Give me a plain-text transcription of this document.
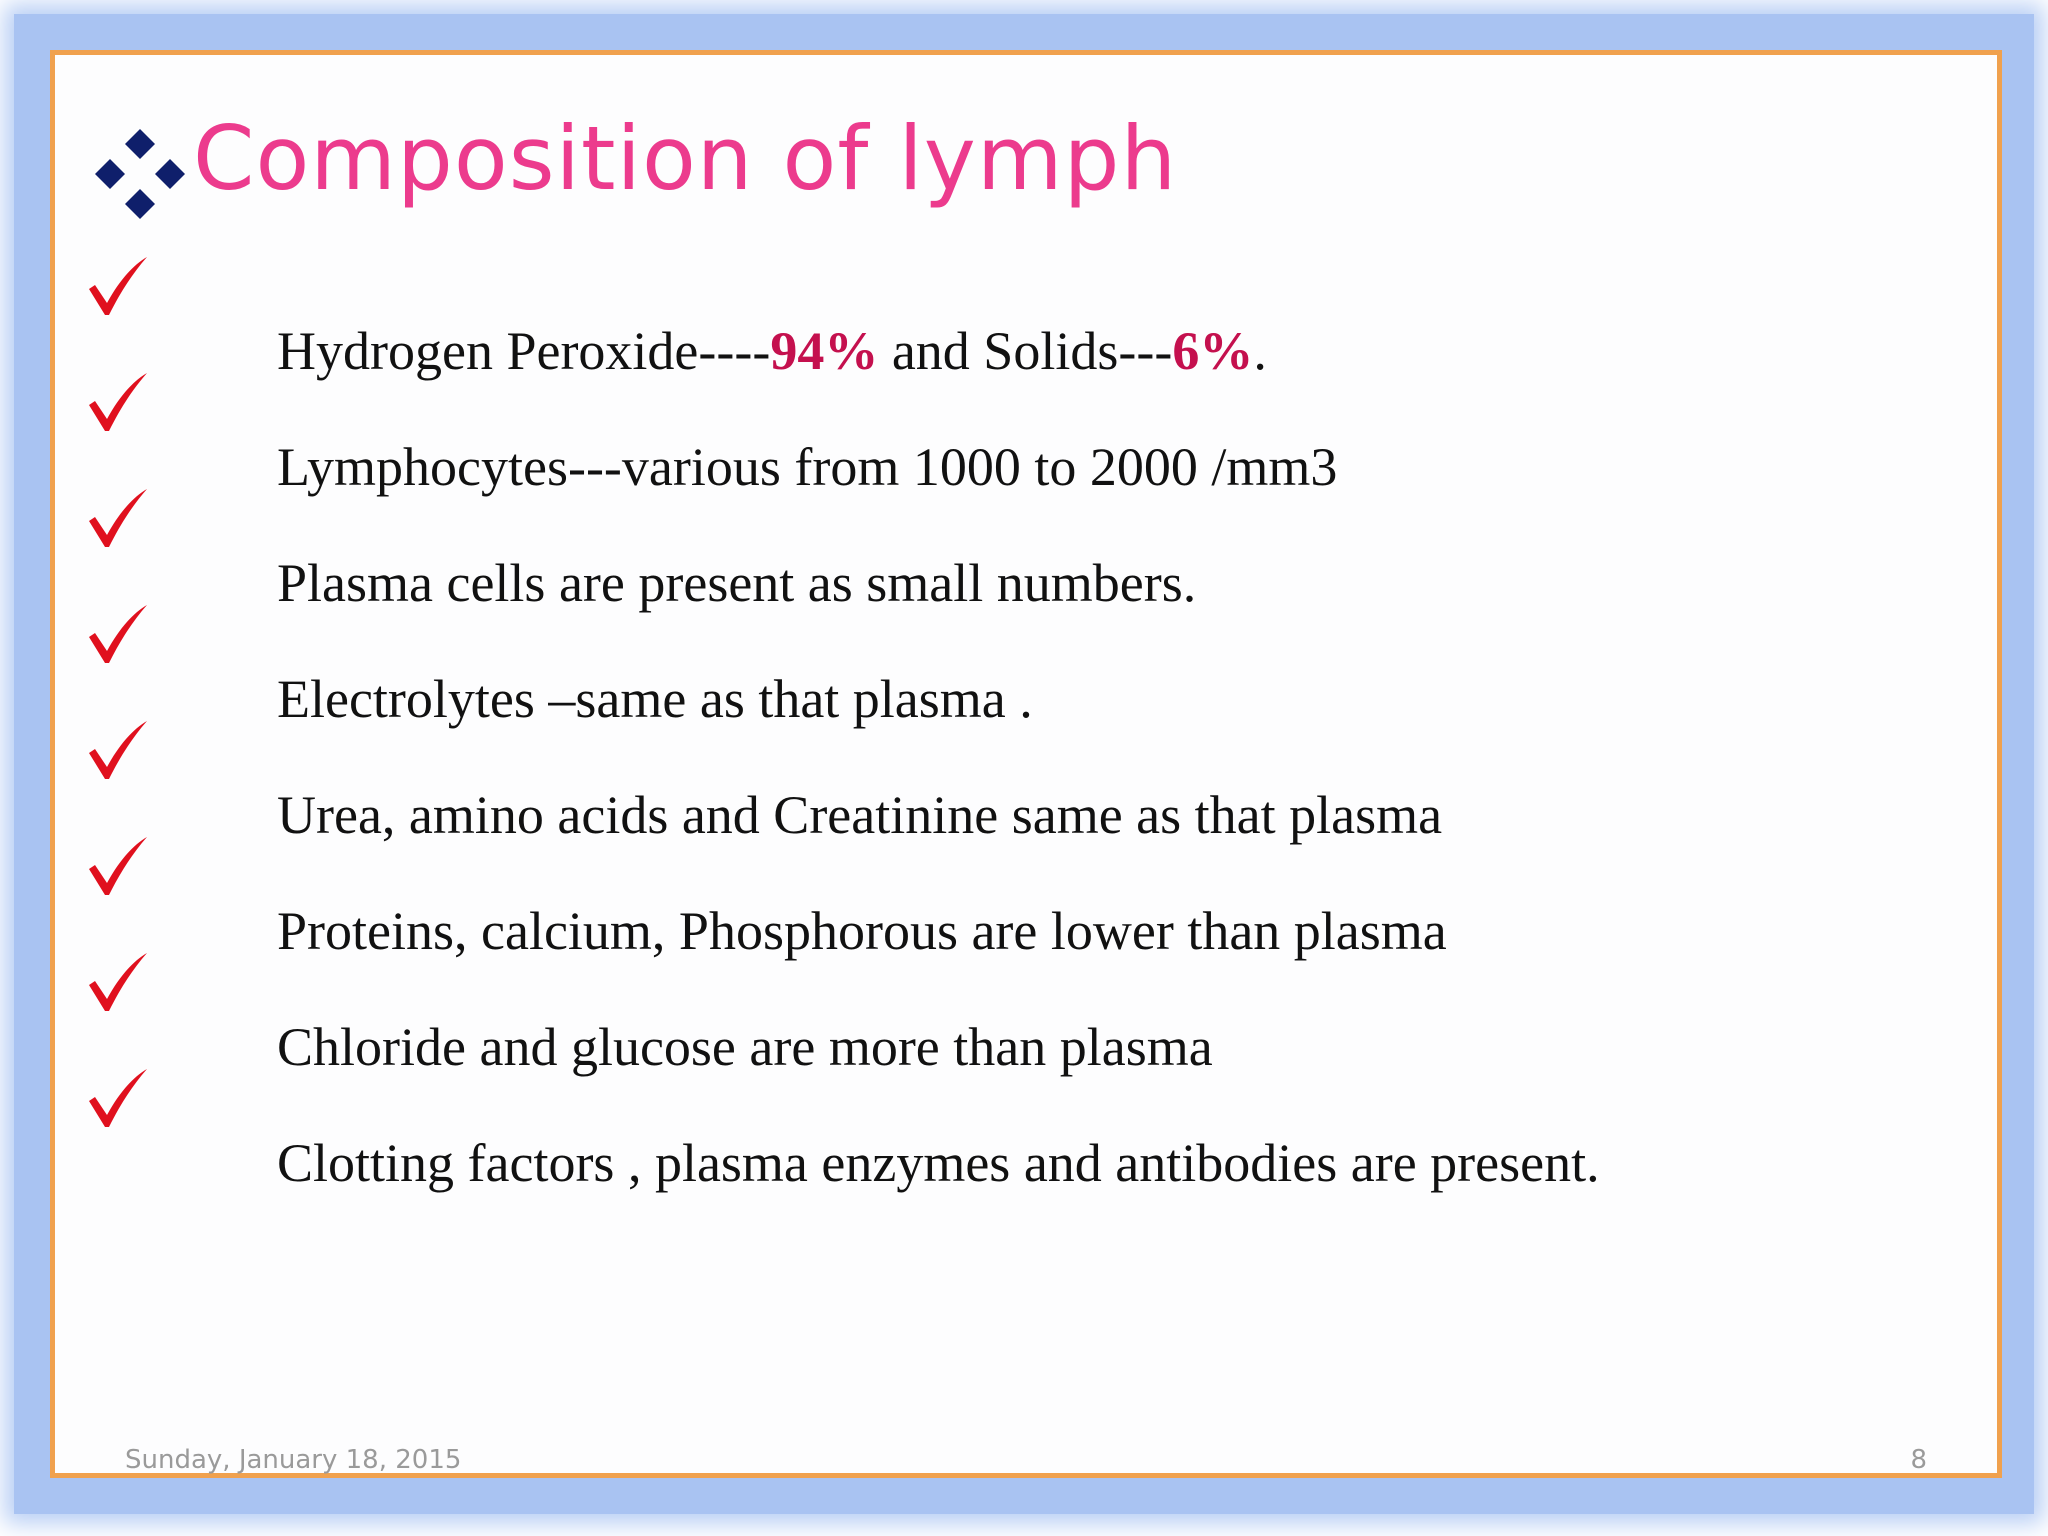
Composition of lymph
Hydrogen Peroxide----94% and Solids---6%.
Lymphocytes---various from 1000 to 2000 /mm3
Plasma cells are present as small numbers.
Electrolytes –same as that plasma .
Urea, amino acids and Creatinine same as that plasma
Proteins, calcium, Phosphorous are lower than plasma
Chloride and glucose are more than plasma
Clotting factors , plasma enzymes and antibodies are present.
Sunday, January 18, 2015	8
